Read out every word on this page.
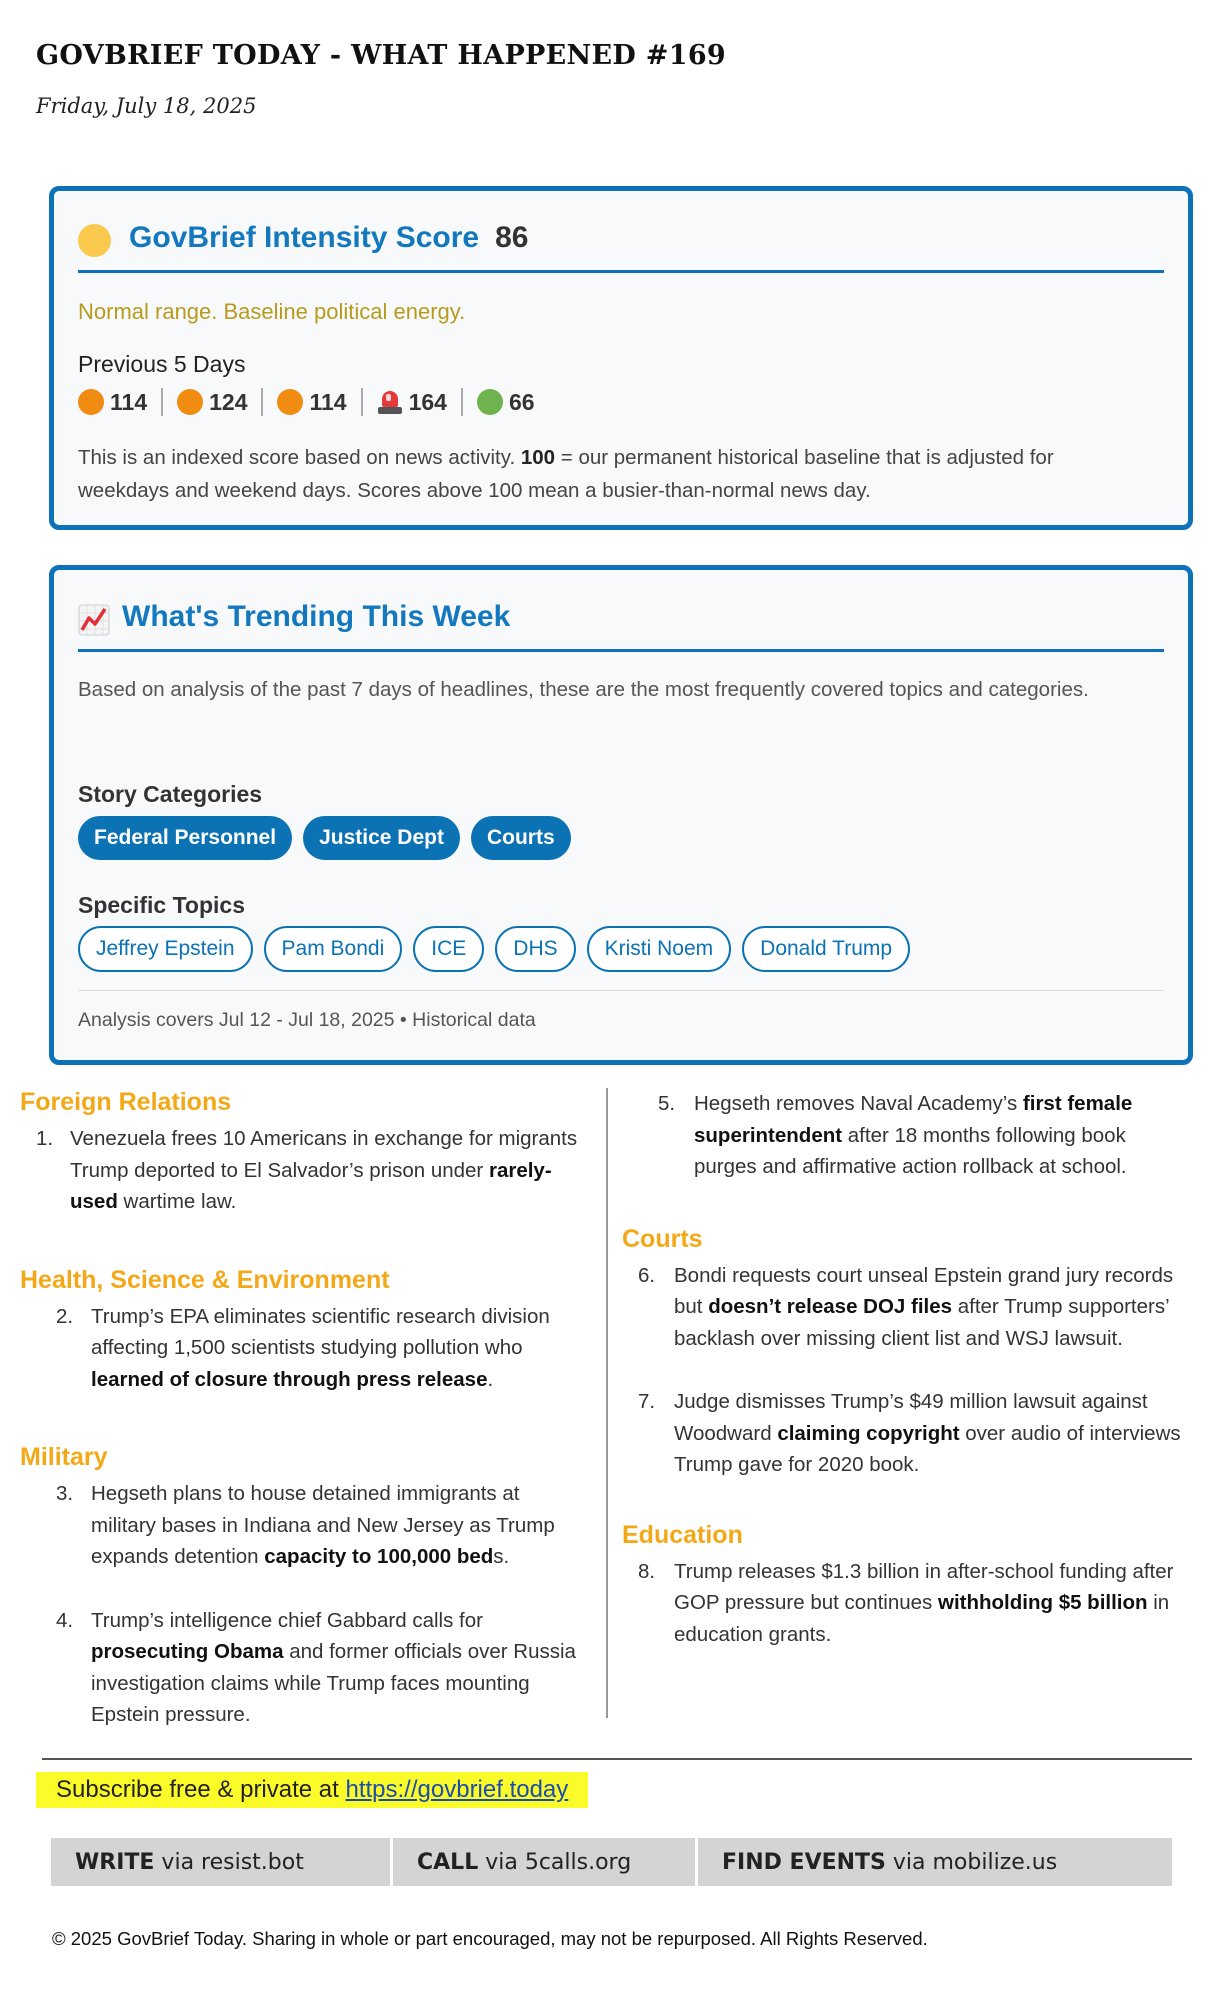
GOVBRIEF TODAY - WHAT HAPPENED #169
Friday, July 18, 2025
GovBrief Intensity Score 86
Normal range. Baseline political energy.
Previous 5 Days
114	124	114	164	66
This is an indexed score based on news activity. 100 = our permanent historical baseline that is adjusted for weekdays and weekend days. Scores above 100 mean a busier-than-normal news day.
What's Trending This Week
Based on analysis of the past 7 days of headlines, these are the most frequently covered topics and categories.
Story Categories
Federal Personnel	Justice Dept	Courts
Specific Topics
Jeffrey Epstein	Pam Bondi	ICE	DHS	Kristi Noem	Donald Trump
Analysis covers Jul 12 - Jul 18, 2025 • Historical data
Foreign Relations
1. Venezuela frees 10 Americans in exchange for migrants Trump deported to El Salvador’s prison under rarely-used wartime law.
Health, Science & Environment
2. Trump’s EPA eliminates scientific research division affecting 1,500 scientists studying pollution who learned of closure through press release.
Military
3. Hegseth plans to house detained immigrants at military bases in Indiana and New Jersey as Trump expands detention capacity to 100,000 beds.
4. Trump’s intelligence chief Gabbard calls for prosecuting Obama and former officials over Russia investigation claims while Trump faces mounting Epstein pressure.
5. Hegseth removes Naval Academy’s first female superintendent after 18 months following book purges and affirmative action rollback at school.
Courts
6. Bondi requests court unseal Epstein grand jury records but doesn’t release DOJ files after Trump supporters’ backlash over missing client list and WSJ lawsuit.
7. Judge dismisses Trump’s $49 million lawsuit against Woodward claiming copyright over audio of interviews Trump gave for 2020 book.
Education
8. Trump releases $1.3 billion in after-school funding after GOP pressure but continues withholding $5 billion in education grants.
Subscribe free & private at https://govbrief.today
WRITE via resist.bot	CALL via 5calls.org	FIND EVENTS via mobilize.us
© 2025 GovBrief Today. Sharing in whole or part encouraged, may not be repurposed. All Rights Reserved.
